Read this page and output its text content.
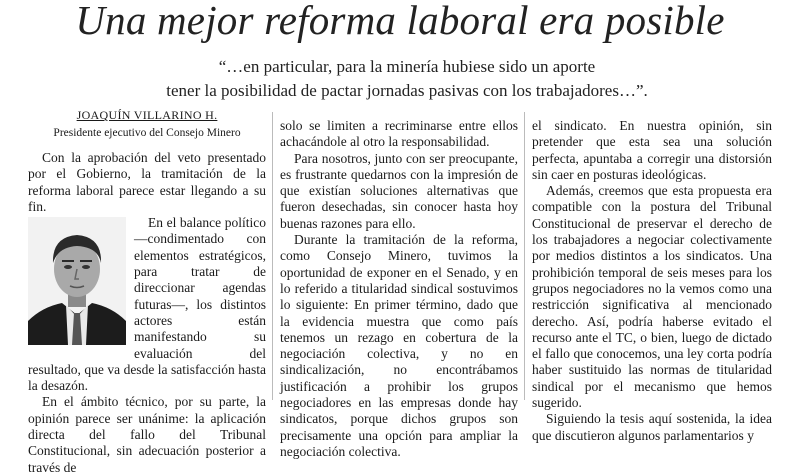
Una mejor reforma laboral era posible

“…en particular, para la minería hubiese sido un aporte

tener la posibilidad de pactar jornadas pasivas con los trabajadores…”.

JOAQUÍN VILLARINO H.
Presidente ejecutivo del Consejo Minero

Con la aprobación del veto presentado por el Gobierno, la tramitación de la reforma laboral parece estar llegando a su fin.

En el balance político —condimentado con elementos estratégicos, para tratar de direccionar agendas futuras—, los distintos actores están manifestando su evaluación del resultado, que va desde la satisfacción hasta la desazón.

En el ámbito técnico, por su parte, la opinión parece ser unánime: la aplicación directa del fallo del Tribunal Constitucional, sin adecuación posterior a través de

solo se limiten a recriminarse entre ellos achacándole al otro la responsabilidad.

Para nosotros, junto con ser preocupante, es frustrante quedarnos con la impresión de que existían soluciones alternativas que fueron desechadas, sin conocer hasta hoy buenas razones para ello.

Durante la tramitación de la reforma, como Consejo Minero, tuvimos la oportunidad de exponer en el Senado, y en lo referido a titularidad sindical sostuvimos lo siguiente: En primer término, dado que la evidencia muestra que como país tenemos un rezago en cobertura de la negociación colectiva, y no en sindicalización, no encontrábamos justificación a prohibir los grupos negociadores en las empresas donde hay sindicatos, porque dichos grupos son precisamente una opción para ampliar la negociación colectiva.

el sindicato. En nuestra opinión, sin pretender que esta sea una solución perfecta, apuntaba a corregir una distorsión sin caer en posturas ideológicas.

Además, creemos que esta propuesta era compatible con la postura del Tribunal Constitucional de preservar el derecho de los trabajadores a negociar colectivamente por medios distintos a los sindicatos. Una prohibición temporal de seis meses para los grupos negociadores no la vemos como una restricción significativa al mencionado derecho. Así, podría haberse evitado el recurso ante el TC, o bien, luego de dictado el fallo que conocemos, una ley corta podría haber sustituido las normas de titularidad sindical por el mecanismo que hemos sugerido.

Siguiendo la tesis aquí sostenida, la idea que discutieron algunos parlamentarios y
